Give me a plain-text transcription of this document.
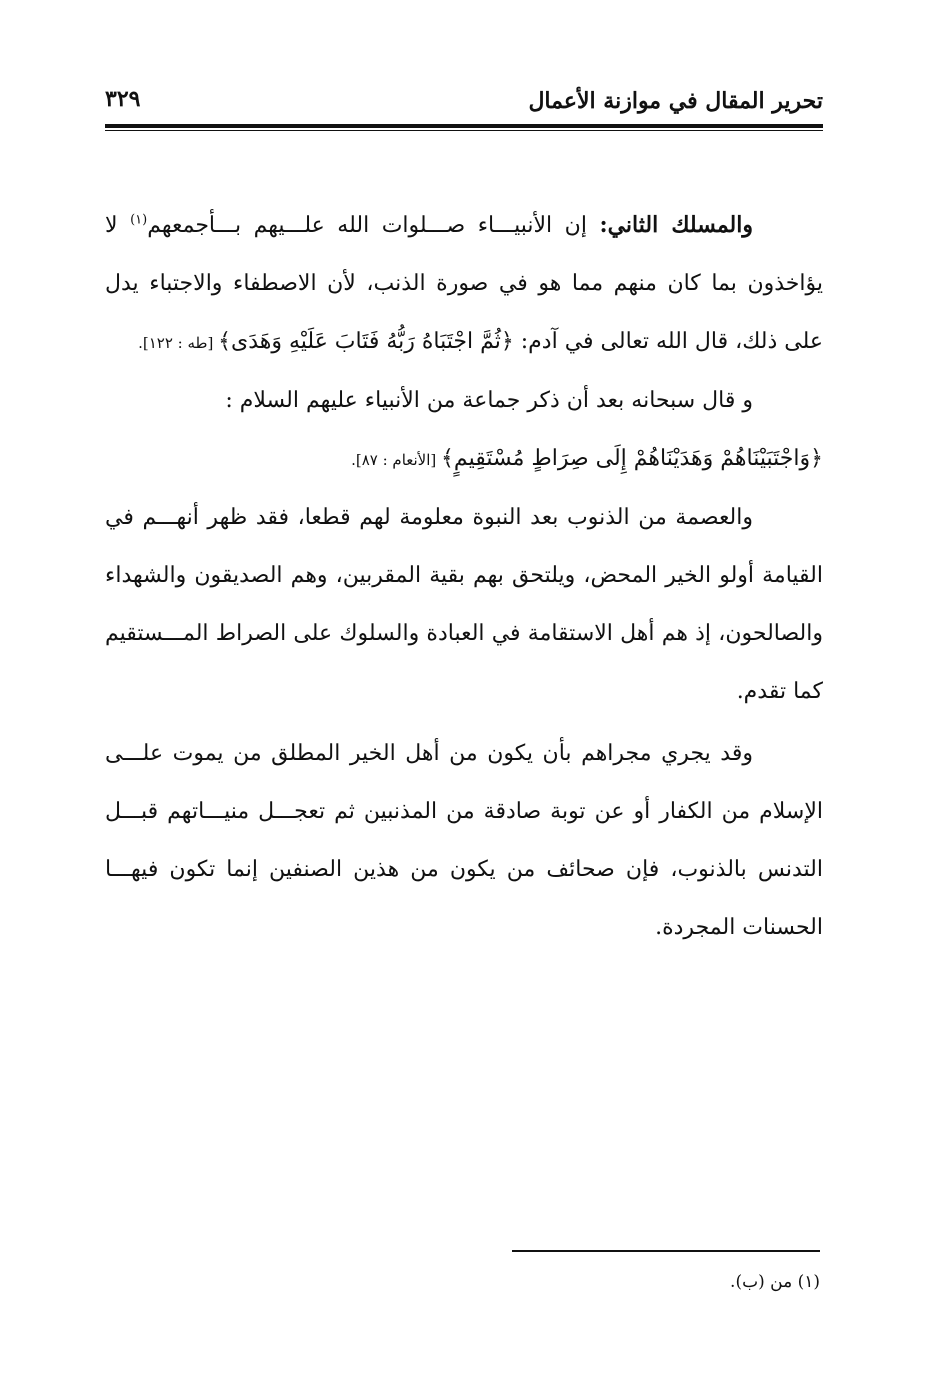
تحرير المقال في موازنة الأعمال
٣٢٩

والمسلك الثاني: إن الأنبيـــاء صـــلوات الله علـــيهم بـــأجمعهم$^{(١)}$ لا يؤاخذون بما كان منهم مما هو في صورة الذنب، لأن الاصطفاء والاجتباء يدل على ذلك، قال الله تعالى في آدم: ﴿ثُمَّ اجْتَبَاهُ رَبُّهُ فَتَابَ عَلَيْهِ وَهَدَى﴾ [طه : ١٢٢].

و قال سبحانه بعد أن ذكر جماعة من الأنبياء عليهم السلام :

﴿وَاجْتَبَيْنَاهُمْ وَهَدَيْنَاهُمْ إِلَى صِرَاطٍ مُسْتَقِيمٍ﴾ [الأنعام : ٨٧].

والعصمة من الذنوب بعد النبوة معلومة لهم قطعا، فقد ظهر أنهـــم في القيامة أولو الخير المحض، ويلتحق بهم بقية المقربين، وهم الصديقون والشهداء والصالحون، إذ هم أهل الاستقامة في العبادة والسلوك على الصراط المـــستقيم كما تقدم.

وقد يجري مجراهم بأن يكون من أهل الخير المطلق من يموت علـــى الإسلام من الكفار أو عن توبة صادقة من المذنبين ثم تعجـــل منيـــاتهم قبـــل التدنس بالذنوب، فإن صحائف من يكون من هذين الصنفين إنما تكون فيهـــا الحسنات المجردة.

(١) من (ب).
